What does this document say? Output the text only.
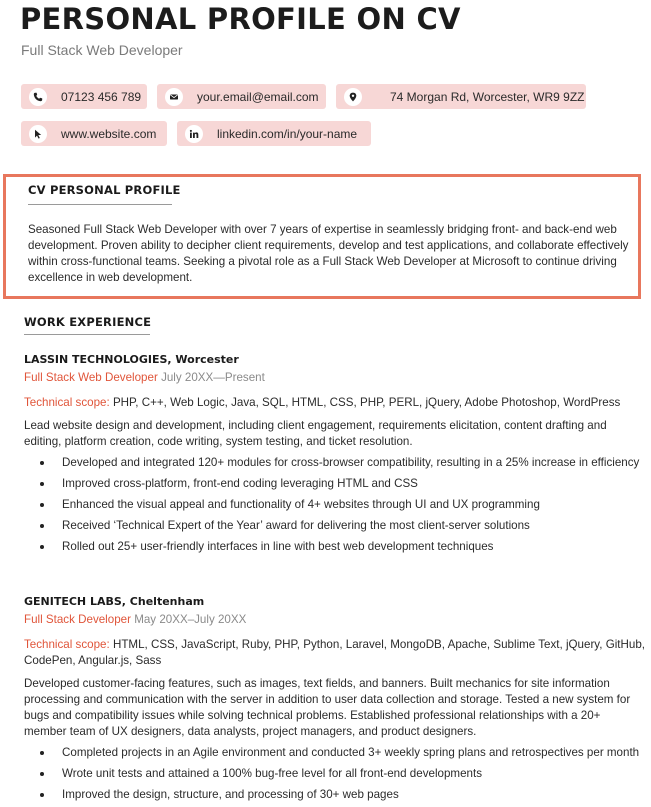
PERSONAL PROFILE ON CV
Full Stack Web Developer
07123 456 789	your.email@email.com	74 Morgan Rd, Worcester, WR9 9ZZ
www.website.com	linkedin.com/in/your-name
CV PERSONAL PROFILE

Seasoned Full Stack Web Developer with over 7 years of expertise in seamlessly bridging front- and back-end web development. Proven ability to decipher client requirements, develop and test applications, and collaborate effectively within cross-functional teams. Seeking a pivotal role as a Full Stack Web Developer at Microsoft to continue driving excellence in web development.

WORK EXPERIENCE
LASSIN TECHNOLOGIES, Worcester
Full Stack Web Developer July 20XX—Present

Technical scope: PHP, C++, Web Logic, Java, SQL, HTML, CSS, PHP, PERL, jQuery, Adobe Photoshop, WordPress

Lead website design and development, including client engagement, requirements elicitation, content drafting and editing, platform creation, code writing, system testing, and ticket resolution.

Developed and integrated 120+ modules for cross-browser compatibility, resulting in a 25% increase in efficiency
Improved cross-platform, front-end coding leveraging HTML and CSS
Enhanced the visual appeal and functionality of 4+ websites through UI and UX programming
Received ‘Technical Expert of the Year’ award for delivering the most client-server solutions
Rolled out 25+ user-friendly interfaces in line with best web development techniques
GENITECH LABS, Cheltenham
Full Stack Developer May 20XX–July 20XX

Technical scope: HTML, CSS, JavaScript, Ruby, PHP, Python, Laravel, MongoDB, Apache, Sublime Text, jQuery, GitHub, CodePen, Angular.js, Sass

Developed customer-facing features, such as images, text fields, and banners. Built mechanics for site information processing and communication with the server in addition to user data collection and storage. Tested a new system for bugs and compatibility issues while solving technical problems. Established professional relationships with a 20+ member team of UX designers, data analysts, project managers, and product designers.

Completed projects in an Agile environment and conducted 3+ weekly spring plans and retrospectives per month
Wrote unit tests and attained a 100% bug-free level for all front-end developments
Improved the design, structure, and processing of 30+ web pages
